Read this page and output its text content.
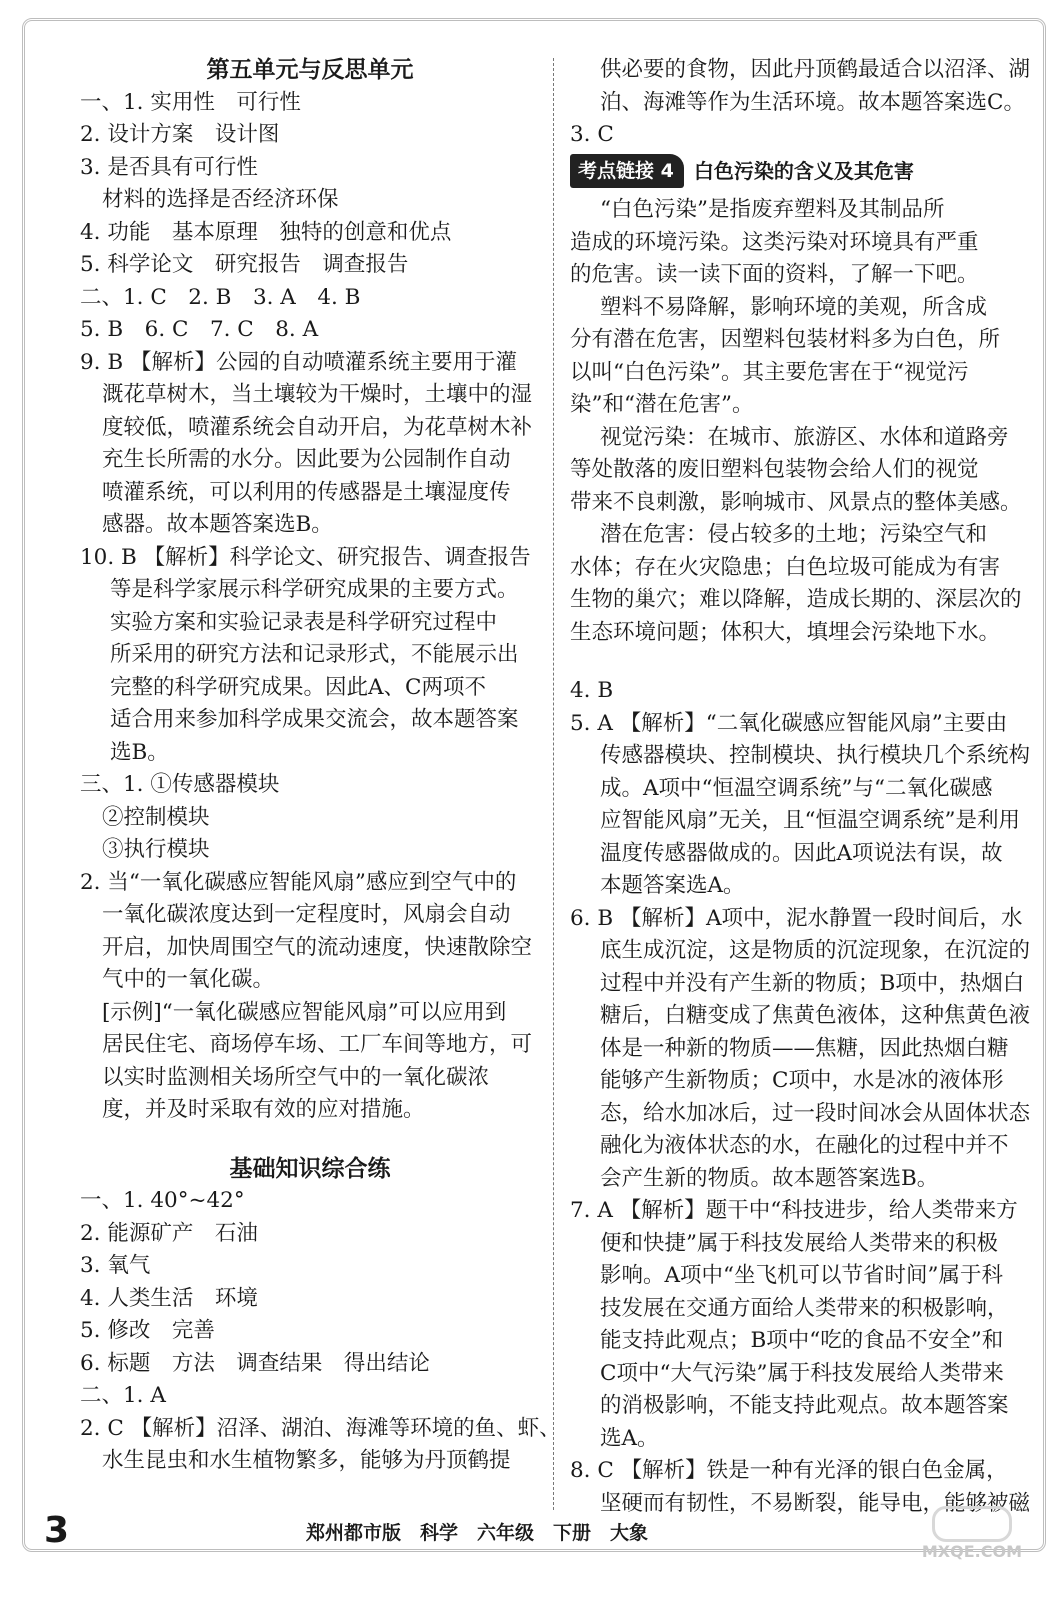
第五单元与反思单元
一、1. 实用性　可行性
2. 设计方案　设计图
3. 是否具有可行性
材料的选择是否经济环保
4. 功能　基本原理　独特的创意和优点
5. 科学论文　研究报告　调查报告
二、1. C　2. B　3. A　4. B
5. B　6. C　7. C　8. A
9. B 【解析】公园的自动喷灌系统主要用于灌
溉花草树木，当土壤较为干燥时，土壤中的湿
度较低，喷灌系统会自动开启，为花草树木补
充生长所需的水分。因此要为公园制作自动
喷灌系统，可以利用的传感器是土壤湿度传
感器。故本题答案选B。
10. B 【解析】科学论文、研究报告、调查报告
等是科学家展示科学研究成果的主要方式。
实验方案和实验记录表是科学研究过程中
所采用的研究方法和记录形式，不能展示出
完整的科学研究成果。因此A、C两项不
适合用来参加科学成果交流会，故本题答案
选B。
三、1. ①传感器模块
②控制模块
③执行模块
2. 当“一氧化碳感应智能风扇”感应到空气中的
一氧化碳浓度达到一定程度时，风扇会自动
开启，加快周围空气的流动速度，快速散除空
气中的一氧化碳。
[示例]“一氧化碳感应智能风扇”可以应用到
居民住宅、商场停车场、工厂车间等地方，可
以实时监测相关场所空气中的一氧化碳浓
度，并及时采取有效的应对措施。
基础知识综合练
一、1. 40°~42°
2. 能源矿产　石油
3. 氧气
4. 人类生活　环境
5. 修改　完善
6. 标题　方法　调查结果　得出结论
二、1. A
2. C 【解析】沼泽、湖泊、海滩等环境的鱼、虾、
水生昆虫和水生植物繁多，能够为丹顶鹤提
供必要的食物，因此丹顶鹤最适合以沼泽、湖
泊、海滩等作为生活环境。故本题答案选C。
3. C
考点链接 4	白色污染的含义及其危害
“白色污染”是指废弃塑料及其制品所
造成的环境污染。这类污染对环境具有严重
的危害。读一读下面的资料，了解一下吧。
塑料不易降解，影响环境的美观，所含成
分有潜在危害，因塑料包装材料多为白色，所
以叫“白色污染”。其主要危害在于“视觉污
染”和“潜在危害”。
视觉污染：在城市、旅游区、水体和道路旁
等处散落的废旧塑料包装物会给人们的视觉
带来不良刺激，影响城市、风景点的整体美感。
潜在危害：侵占较多的土地；污染空气和
水体；存在火灾隐患；白色垃圾可能成为有害
生物的巢穴；难以降解，造成长期的、深层次的
生态环境问题；体积大，填埋会污染地下水。
4. B
5. A 【解析】“二氧化碳感应智能风扇”主要由
传感器模块、控制模块、执行模块几个系统构
成。A项中“恒温空调系统”与“二氧化碳感
应智能风扇”无关，且“恒温空调系统”是利用
温度传感器做成的。因此A项说法有误，故
本题答案选A。
6. B 【解析】A项中，泥水静置一段时间后，水
底生成沉淀，这是物质的沉淀现象，在沉淀的
过程中并没有产生新的物质；B项中，热烟白
糖后，白糖变成了焦黄色液体，这种焦黄色液
体是一种新的物质——焦糖，因此热烟白糖
能够产生新物质；C项中，水是冰的液体形
态，给水加冰后，过一段时间冰会从固体状态
融化为液体状态的水，在融化的过程中并不
会产生新的物质。故本题答案选B。
7. A 【解析】题干中“科技进步，给人类带来方
便和快捷”属于科技发展给人类带来的积极
影响。A项中“坐飞机可以节省时间”属于科
技发展在交通方面给人类带来的积极影响，
能支持此观点；B项中“吃的食品不安全”和
C项中“大气污染”属于科技发展给人类带来
的消极影响，不能支持此观点。故本题答案
选A。
8. C 【解析】铁是一种有光泽的银白色金属，
坚硬而有韧性，不易断裂，能导电，能够被磁
3	郑州都市版　科学　六年级　下册　大象
MXQE.COM
